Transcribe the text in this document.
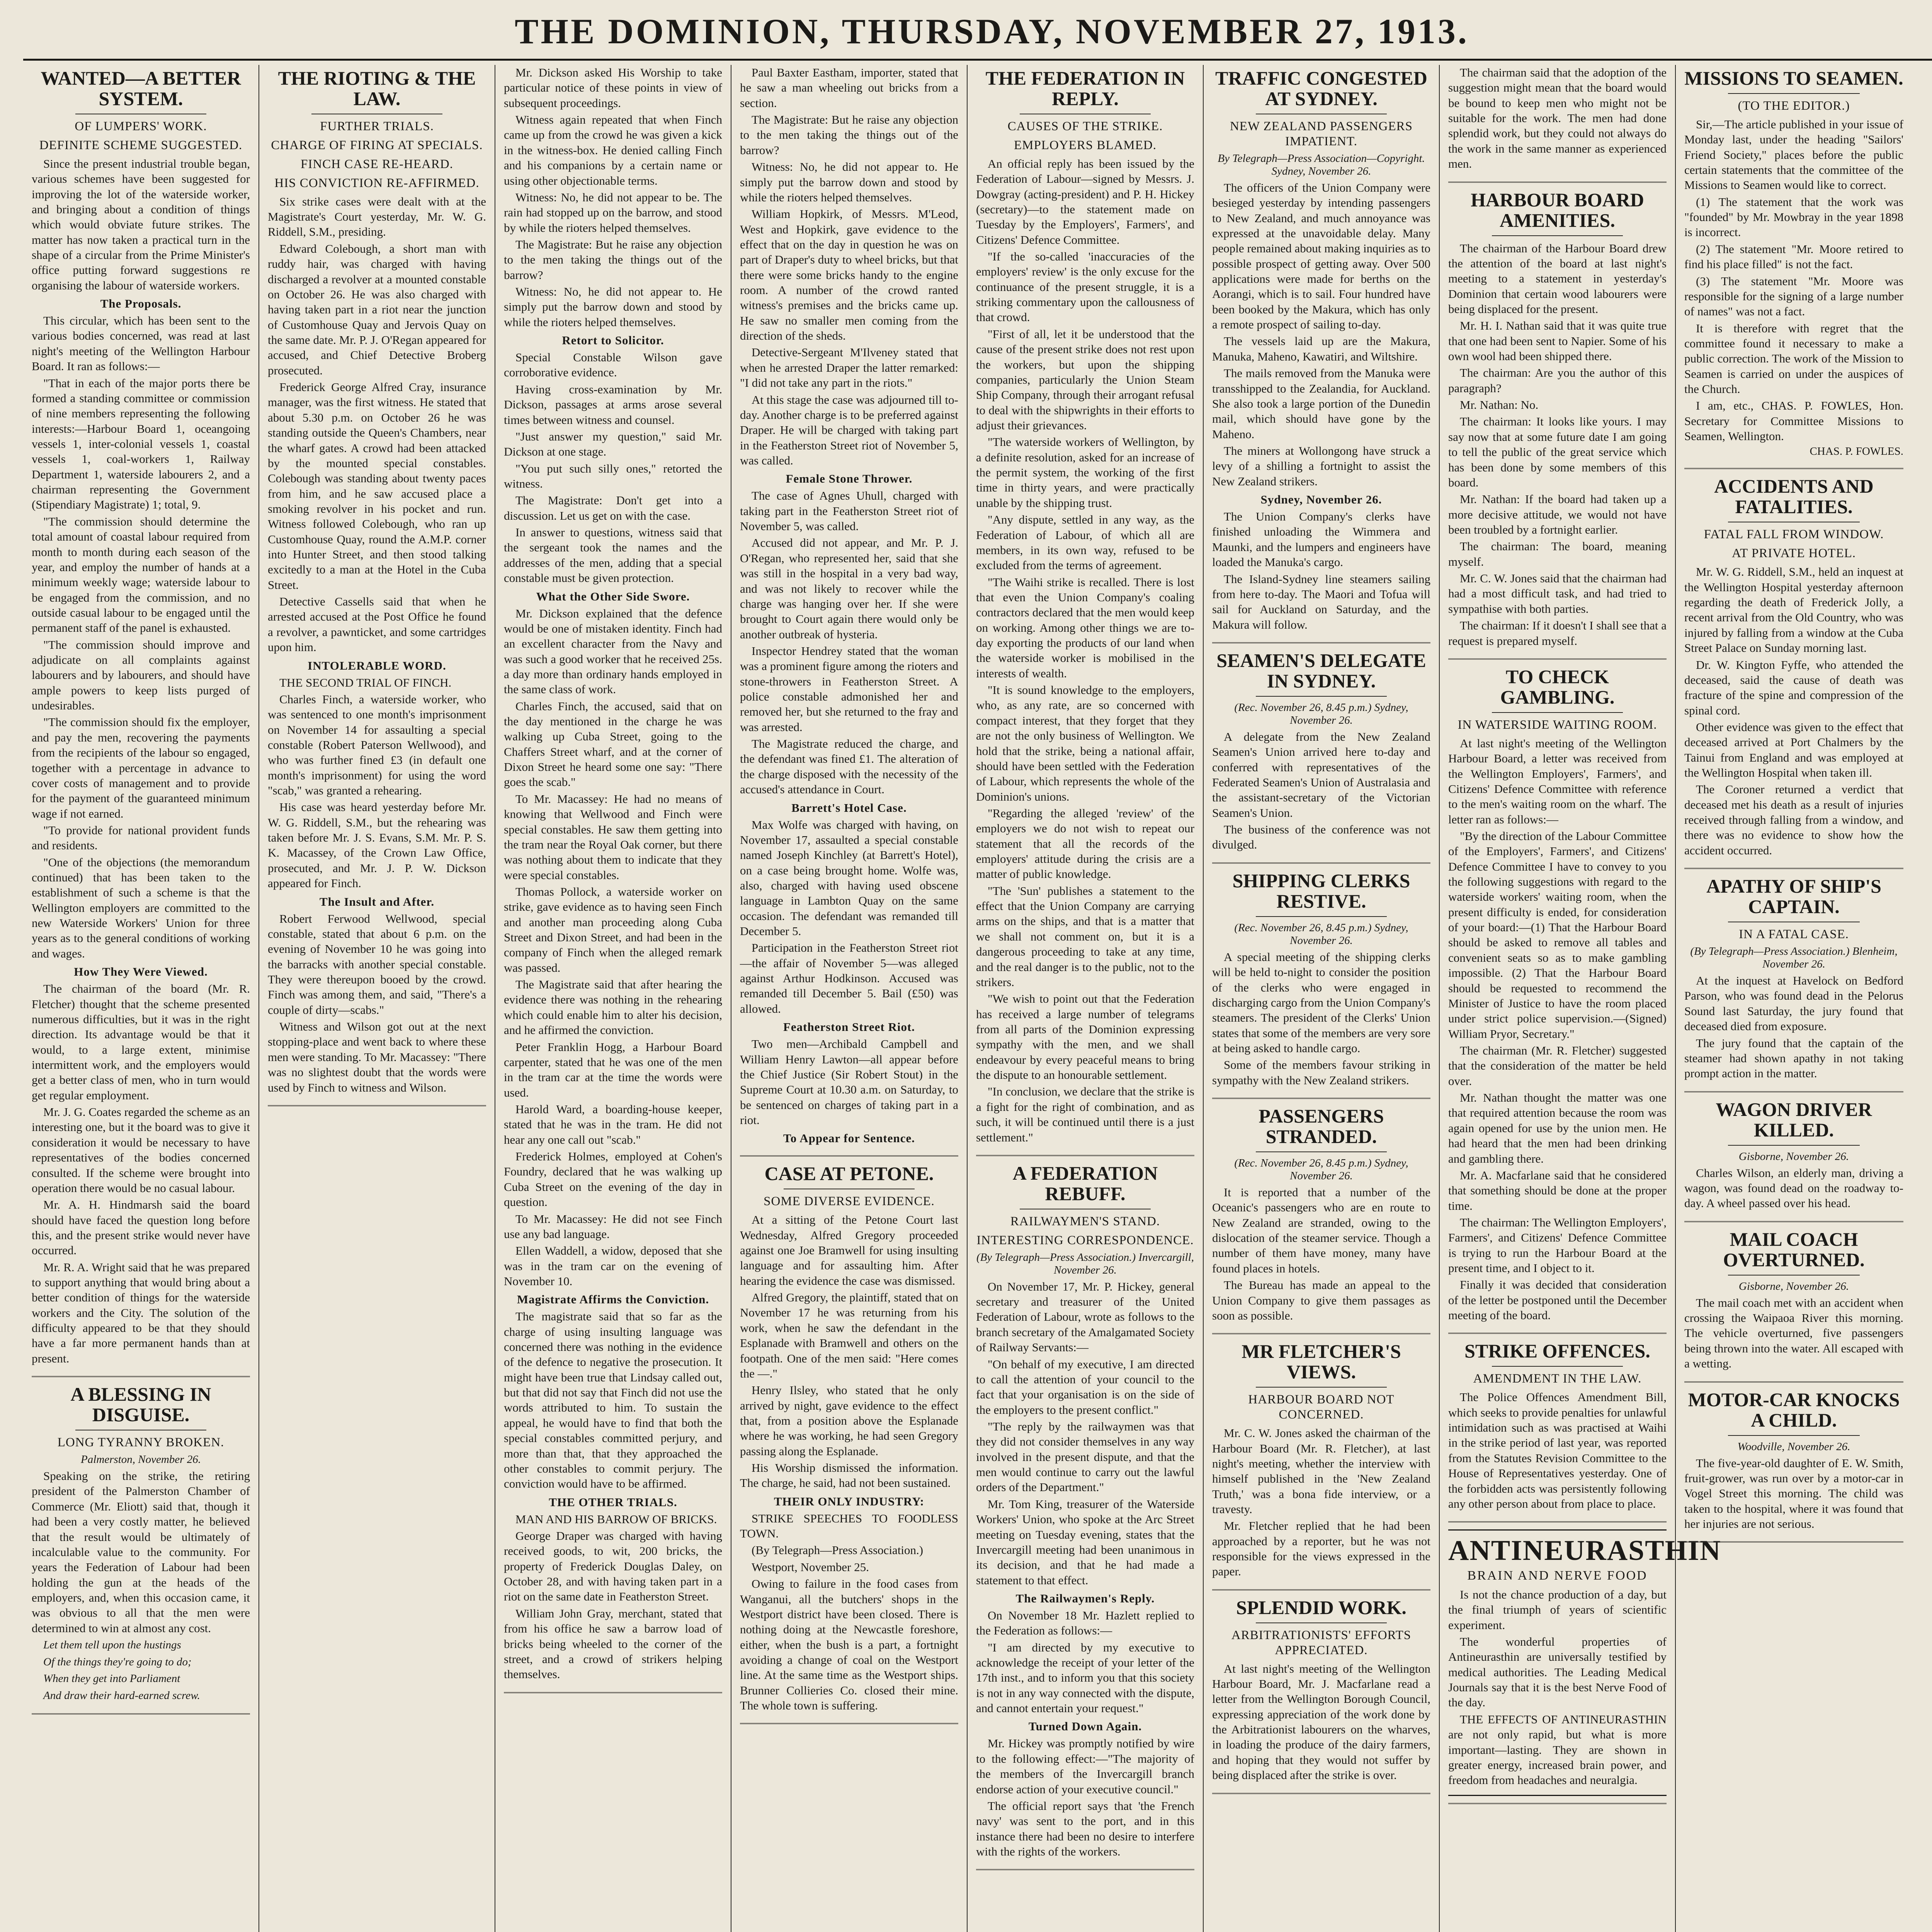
THE DOMINION, THURSDAY, NOVEMBER 27, 1913.
WANTED—A BETTER SYSTEM.
OF LUMPERS' WORK.
DEFINITE SCHEME SUGGESTED.

Since the present industrial trouble began, various schemes have been suggested for improving the lot of the waterside worker, and bringing about a condition of things which would obviate future strikes. The matter has now taken a practical turn in the shape of a circular from the Prime Minister's office putting forward suggestions re organising the labour of waterside workers.

The Proposals.

This circular, which has been sent to the various bodies concerned, was read at last night's meeting of the Wellington Harbour Board. It ran as follows:—

"That in each of the major ports there be formed a standing committee or commission of nine members representing the following interests:—Harbour Board 1, oceangoing vessels 1, inter-colonial vessels 1, coastal vessels 1, coal-workers 1, Railway Department 1, waterside labourers 2, and a chairman representing the Government (Stipendiary Magistrate) 1; total, 9.

"The commission should determine the total amount of coastal labour required from month to month during each season of the year, and employ the number of hands at a minimum weekly wage; waterside labour to be engaged from the commission, and no outside casual labour to be engaged until the permanent staff of the panel is exhausted.

"The commission should improve and adjudicate on all complaints against labourers and by labourers, and should have ample powers to keep lists purged of undesirables.

"The commission should fix the employer, and pay the men, recovering the payments from the recipients of the labour so engaged, together with a percentage in advance to cover costs of management and to provide for the payment of the guaranteed minimum wage if not earned.

"To provide for national provident funds and residents.

"One of the objections (the memorandum continued) that has been taken to the establishment of such a scheme is that the Wellington employers are committed to the new Waterside Workers' Union for three years as to the general conditions of working and wages.

How They Were Viewed.

The chairman of the board (Mr. R. Fletcher) thought that the scheme presented numerous difficulties, but it was in the right direction. Its advantage would be that it would, to a large extent, minimise intermittent work, and the employers would get a better class of men, who in turn would get regular employment.

Mr. J. G. Coates regarded the scheme as an interesting one, but it the board was to give it consideration it would be necessary to have representatives of the bodies concerned consulted. If the scheme were brought into operation there would be no casual labour.

Mr. A. H. Hindmarsh said the board should have faced the question long before this, and the present strike would never have occurred.

Mr. R. A. Wright said that he was prepared to support anything that would bring about a better condition of things for the waterside workers and the City. The solution of the difficulty appeared to be that they should have a far more permanent hands than at present.

A BLESSING IN DISGUISE.
LONG TYRANNY BROKEN.
Palmerston, November 26.

Speaking on the strike, the retiring president of the Palmerston Chamber of Commerce (Mr. Eliott) said that, though it had been a very costly matter, he believed that the result would be ultimately of incalculable value to the community. For years the Federation of Labour had been holding the gun at the heads of the employers, and, when this occasion came, it was obvious to all that the men were determined to win at almost any cost.

Let them tell upon the hustings
Of the things they're going to do;
When they get into Parliament
And draw their hard-earned screw.
THE RIOTING & THE LAW.
FURTHER TRIALS.
CHARGE OF FIRING AT SPECIALS.
FINCH CASE RE-HEARD.
HIS CONVICTION RE-AFFIRMED.

Six strike cases were dealt with at the Magistrate's Court yesterday, Mr. W. G. Riddell, S.M., presiding.

Edward Colebough, a short man with ruddy hair, was charged with having discharged a revolver at a mounted constable on October 26. He was also charged with having taken part in a riot near the junction of Customhouse Quay and Jervois Quay on the same date. Mr. P. J. O'Regan appeared for accused, and Chief Detective Broberg prosecuted.

Frederick George Alfred Cray, insurance manager, was the first witness. He stated that about 5.30 p.m. on October 26 he was standing outside the Queen's Chambers, near the wharf gates. A crowd had been attacked by the mounted special constables. Colebough was standing about twenty paces from him, and he saw accused place a smoking revolver in his pocket and run. Witness followed Colebough, who ran up Customhouse Quay, round the A.M.P. corner into Hunter Street, and then stood talking excitedly to a man at the Hotel in the Cuba Street.

Detective Cassells said that when he arrested accused at the Post Office he found a revolver, a pawnticket, and some cartridges upon him.

INTOLERABLE WORD.

THE SECOND TRIAL OF FINCH.

Charles Finch, a waterside worker, who was sentenced to one month's imprisonment on November 14 for assaulting a special constable (Robert Paterson Wellwood), and who was further fined £3 (in default one month's imprisonment) for using the word "scab," was granted a rehearing.

His case was heard yesterday before Mr. W. G. Riddell, S.M., but the rehearing was taken before Mr. J. S. Evans, S.M. Mr. P. S. K. Macassey, of the Crown Law Office, prosecuted, and Mr. J. P. W. Dickson appeared for Finch.

The Insult and After.

Robert Ferwood Wellwood, special constable, stated that about 6 p.m. on the evening of November 10 he was going into the barracks with another special constable. They were thereupon booed by the crowd. Finch was among them, and said, "There's a couple of dirty—scabs."

Witness and Wilson got out at the next stopping-place and went back to where these men were standing. To Mr. Macassey: "There was no slightest doubt that the words were used by Finch to witness and Wilson.

Mr. Dickson asked His Worship to take particular notice of these points in view of subsequent proceedings.

Witness again repeated that when Finch came up from the crowd he was given a kick in the witness-box. He denied calling Finch and his companions by a certain name or using other objectionable terms.

Witness: No, he did not appear to be. The rain had stopped up on the barrow, and stood by while the rioters helped themselves.

The Magistrate: But he raise any objection to the men taking the things out of the barrow?

Witness: No, he did not appear to. He simply put the barrow down and stood by while the rioters helped themselves.

Retort to Solicitor.

Special Constable Wilson gave corroborative evidence.

Having cross-examination by Mr. Dickson, passages at arms arose several times between witness and counsel.

"Just answer my question," said Mr. Dickson at one stage.

"You put such silly ones," retorted the witness.

The Magistrate: Don't get into a discussion. Let us get on with the case.

In answer to questions, witness said that the sergeant took the names and the addresses of the men, adding that a special constable must be given protection.

What the Other Side Swore.

Mr. Dickson explained that the defence would be one of mistaken identity. Finch had an excellent character from the Navy and was such a good worker that he received 25s. a day more than ordinary hands employed in the same class of work.

Charles Finch, the accused, said that on the day mentioned in the charge he was walking up Cuba Street, going to the Chaffers Street wharf, and at the corner of Dixon Street he heard some one say: "There goes the scab."

To Mr. Macassey: He had no means of knowing that Wellwood and Finch were special constables. He saw them getting into the tram near the Royal Oak corner, but there was nothing about them to indicate that they were special constables.

Thomas Pollock, a waterside worker on strike, gave evidence as to having seen Finch and another man proceeding along Cuba Street and Dixon Street, and had been in the company of Finch when the alleged remark was passed.

The Magistrate said that after hearing the evidence there was nothing in the rehearing which could enable him to alter his decision, and he affirmed the conviction.

Peter Franklin Hogg, a Harbour Board carpenter, stated that he was one of the men in the tram car at the time the words were used.

Harold Ward, a boarding-house keeper, stated that he was in the tram. He did not hear any one call out "scab."

Frederick Holmes, employed at Cohen's Foundry, declared that he was walking up Cuba Street on the evening of the day in question.

To Mr. Macassey: He did not see Finch use any bad language.

Ellen Waddell, a widow, deposed that she was in the tram car on the evening of November 10.

Magistrate Affirms the Conviction.

The magistrate said that so far as the charge of using insulting language was concerned there was nothing in the evidence of the defence to negative the prosecution. It might have been true that Lindsay called out, but that did not say that Finch did not use the words attributed to him. To sustain the appeal, he would have to find that both the special constables committed perjury, and more than that, that they approached the other constables to commit perjury. The conviction would have to be affirmed.

THE OTHER TRIALS.

MAN AND HIS BARROW OF BRICKS.

George Draper was charged with having received goods, to wit, 200 bricks, the property of Frederick Douglas Daley, on October 28, and with having taken part in a riot on the same date in Featherston Street.

William John Gray, merchant, stated that from his office he saw a barrow load of bricks being wheeled to the corner of the street, and a crowd of strikers helping themselves.

Paul Baxter Eastham, importer, stated that he saw a man wheeling out bricks from a section.

The Magistrate: But he raise any objection to the men taking the things out of the barrow?

Witness: No, he did not appear to. He simply put the barrow down and stood by while the rioters helped themselves.

William Hopkirk, of Messrs. M'Leod, West and Hopkirk, gave evidence to the effect that on the day in question he was on part of Draper's duty to wheel bricks, but that there were some bricks handy to the engine room. A number of the crowd ranted witness's premises and the bricks came up. He saw no smaller men coming from the direction of the sheds.

Detective-Sergeant M'Ilveney stated that when he arrested Draper the latter remarked: "I did not take any part in the riots."

At this stage the case was adjourned till to-day. Another charge is to be preferred against Draper. He will be charged with taking part in the Featherston Street riot of November 5, was called.

Female Stone Thrower.

The case of Agnes Uhull, charged with taking part in the Featherston Street riot of November 5, was called.

Accused did not appear, and Mr. P. J. O'Regan, who represented her, said that she was still in the hospital in a very bad way, and was not likely to recover while the charge was hanging over her. If she were brought to Court again there would only be another outbreak of hysteria.

Inspector Hendrey stated that the woman was a prominent figure among the rioters and stone-throwers in Featherston Street. A police constable admonished her and removed her, but she returned to the fray and was arrested.

The Magistrate reduced the charge, and the defendant was fined £1. The alteration of the charge disposed with the necessity of the accused's attendance in Court.

Barrett's Hotel Case.

Max Wolfe was charged with having, on November 17, assaulted a special constable named Joseph Kinchley (at Barrett's Hotel), on a case being brought home. Wolfe was, also, charged with having used obscene language in Lambton Quay on the same occasion. The defendant was remanded till December 5.

Participation in the Featherston Street riot—the affair of November 5—was alleged against Arthur Hodkinson. Accused was remanded till December 5. Bail (£50) was allowed.

Featherston Street Riot.

Two men—Archibald Campbell and William Henry Lawton—all appear before the Chief Justice (Sir Robert Stout) in the Supreme Court at 10.30 a.m. on Saturday, to be sentenced on charges of taking part in a riot.

To Appear for Sentence.
CASE AT PETONE.
SOME DIVERSE EVIDENCE.

At a sitting of the Petone Court last Wednesday, Alfred Gregory proceeded against one Joe Bramwell for using insulting language and for assaulting him. After hearing the evidence the case was dismissed.

Alfred Gregory, the plaintiff, stated that on November 17 he was returning from his work, when he saw the defendant in the Esplanade with Bramwell and others on the footpath. One of the men said: "Here comes the —."

Henry Ilsley, who stated that he only arrived by night, gave evidence to the effect that, from a position above the Esplanade where he was working, he had seen Gregory passing along the Esplanade.

His Worship dismissed the information. The charge, he said, had not been sustained.

THEIR ONLY INDUSTRY:

STRIKE SPEECHES TO FOODLESS TOWN.

(By Telegraph—Press Association.)

Westport, November 25.

Owing to failure in the food cases from Wanganui, all the butchers' shops in the Westport district have been closed. There is nothing doing at the Newcastle foreshore, either, when the bush is a part, a fortnight avoiding a change of coal on the Westport line. At the same time as the Westport ships. Brunner Collieries Co. closed their mine. The whole town is suffering.

THE FEDERATION IN REPLY.
CAUSES OF THE STRIKE.
EMPLOYERS BLAMED.

An official reply has been issued by the Federation of Labour—signed by Messrs. J. Dowgray (acting-president) and P. H. Hickey (secretary)—to the statement made on Tuesday by the Employers', Farmers', and Citizens' Defence Committee.

"If the so-called 'inaccuracies of the employers' review' is the only excuse for the continuance of the present struggle, it is a striking commentary upon the callousness of that crowd.

"First of all, let it be understood that the cause of the present strike does not rest upon the workers, but upon the shipping companies, particularly the Union Steam Ship Company, through their arrogant refusal to deal with the shipwrights in their efforts to adjust their grievances.

"The waterside workers of Wellington, by a definite resolution, asked for an increase of the permit system, the working of the first time in thirty years, and were practically unable by the shipping trust.

"Any dispute, settled in any way, as the Federation of Labour, of which all are members, in its own way, refused to be excluded from the terms of agreement.

"The Waihi strike is recalled. There is lost that even the Union Company's coaling contractors declared that the men would keep on working. Among other things we are to-day exporting the products of our land when the waterside worker is mobilised in the interests of wealth.

"It is sound knowledge to the employers, who, as any rate, are so concerned with compact interest, that they forget that they are not the only business of Wellington. We hold that the strike, being a national affair, should have been settled with the Federation of Labour, which represents the whole of the Dominion's unions.

"Regarding the alleged 'review' of the employers we do not wish to repeat our statement that all the records of the employers' attitude during the crisis are a matter of public knowledge.

"The 'Sun' publishes a statement to the effect that the Union Company are carrying arms on the ships, and that is a matter that we shall not comment on, but it is a dangerous proceeding to take at any time, and the real danger is to the public, not to the strikers.

"We wish to point out that the Federation has received a large number of telegrams from all parts of the Dominion expressing sympathy with the men, and we shall endeavour by every peaceful means to bring the dispute to an honourable settlement.

"In conclusion, we declare that the strike is a fight for the right of combination, and as such, it will be continued until there is a just settlement."

A FEDERATION REBUFF.
RAILWAYMEN'S STAND.
INTERESTING CORRESPONDENCE.
(By Telegraph—Press Association.) Invercargill, November 26.

On November 17, Mr. P. Hickey, general secretary and treasurer of the United Federation of Labour, wrote as follows to the branch secretary of the Amalgamated Society of Railway Servants:—

"On behalf of my executive, I am directed to call the attention of your council to the fact that your organisation is on the side of the employers to the present conflict."

"The reply by the railwaymen was that they did not consider themselves in any way involved in the present dispute, and that the men would continue to carry out the lawful orders of the Department."

Mr. Tom King, treasurer of the Waterside Workers' Union, who spoke at the Arc Street meeting on Tuesday evening, states that the Invercargill meeting had been unanimous in its decision, and that he had made a statement to that effect.

The Railwaymen's Reply.

On November 18 Mr. Hazlett replied to the Federation as follows:—

"I am directed by my executive to acknowledge the receipt of your letter of the 17th inst., and to inform you that this society is not in any way connected with the dispute, and cannot entertain your request."

Turned Down Again.

Mr. Hickey was promptly notified by wire to the following effect:—"The majority of the members of the Invercargill branch endorse action of your executive council."

The official report says that 'the French navy' was sent to the port, and in this instance there had been no desire to interfere with the rights of the workers.

TRAFFIC CONGESTED AT SYDNEY.
NEW ZEALAND PASSENGERS IMPATIENT.
By Telegraph—Press Association—Copyright. Sydney, November 26.

The officers of the Union Company were besieged yesterday by intending passengers to New Zealand, and much annoyance was expressed at the unavoidable delay. Many people remained about making inquiries as to possible prospect of getting away. Over 500 applications were made for berths on the Aorangi, which is to sail. Four hundred have been booked by the Makura, which has only a remote prospect of sailing to-day.

The vessels laid up are the Makura, Manuka, Maheno, Kawatiri, and Wiltshire.

The mails removed from the Manuka were transshipped to the Zealandia, for Auckland. She also took a large portion of the Dunedin mail, which should have gone by the Maheno.

The miners at Wollongong have struck a levy of a shilling a fortnight to assist the New Zealand strikers.

Sydney, November 26.

The Union Company's clerks have finished unloading the Wimmera and Maunki, and the lumpers and engineers have loaded the Manuka's cargo.

The Island-Sydney line steamers sailing from here to-day. The Maori and Tofua will sail for Auckland on Saturday, and the Makura will follow.

SEAMEN'S DELEGATE IN SYDNEY.
(Rec. November 26, 8.45 p.m.) Sydney, November 26.

A delegate from the New Zealand Seamen's Union arrived here to-day and conferred with representatives of the Federated Seamen's Union of Australasia and the assistant-secretary of the Victorian Seamen's Union.

The business of the conference was not divulged.

SHIPPING CLERKS RESTIVE.
(Rec. November 26, 8.45 p.m.) Sydney, November 26.

A special meeting of the shipping clerks will be held to-night to consider the position of the clerks who were engaged in discharging cargo from the Union Company's steamers. The president of the Clerks' Union states that some of the members are very sore at being asked to handle cargo.

Some of the members favour striking in sympathy with the New Zealand strikers.

PASSENGERS STRANDED.
(Rec. November 26, 8.45 p.m.) Sydney, November 26.

It is reported that a number of the Oceanic's passengers who are en route to New Zealand are stranded, owing to the dislocation of the steamer service. Though a number of them have money, many have found places in hotels.

The Bureau has made an appeal to the Union Company to give them passages as soon as possible.

MR FLETCHER'S VIEWS.
HARBOUR BOARD NOT CONCERNED.

Mr. C. W. Jones asked the chairman of the Harbour Board (Mr. R. Fletcher), at last night's meeting, whether the interview with himself published in the 'New Zealand Truth,' was a bona fide interview, or a travesty.

Mr. Fletcher replied that he had been approached by a reporter, but he was not responsible for the views expressed in the paper.

SPLENDID WORK.
ARBITRATIONISTS' EFFORTS APPRECIATED.

At last night's meeting of the Wellington Harbour Board, Mr. J. Macfarlane read a letter from the Wellington Borough Council, expressing appreciation of the work done by the Arbitrationist labourers on the wharves, in loading the produce of the dairy farmers, and hoping that they would not suffer by being displaced after the strike is over.

The chairman said that the adoption of the suggestion might mean that the board would be bound to keep men who might not be suitable for the work. The men had done splendid work, but they could not always do the work in the same manner as experienced men.

HARBOUR BOARD AMENITIES.

The chairman of the Harbour Board drew the attention of the board at last night's meeting to a statement in yesterday's Dominion that certain wood labourers were being displaced for the present.

Mr. H. I. Nathan said that it was quite true that one had been sent to Napier. Some of his own wool had been shipped there.

The chairman: Are you the author of this paragraph?

Mr. Nathan: No.

The chairman: It looks like yours. I may say now that at some future date I am going to tell the public of the great service which has been done by some members of this board.

Mr. Nathan: If the board had taken up a more decisive attitude, we would not have been troubled by a fortnight earlier.

The chairman: The board, meaning myself.

Mr. C. W. Jones said that the chairman had had a most difficult task, and had tried to sympathise with both parties.

The chairman: If it doesn't I shall see that a request is prepared myself.

TO CHECK GAMBLING.
IN WATERSIDE WAITING ROOM.

At last night's meeting of the Wellington Harbour Board, a letter was received from the Wellington Employers', Farmers', and Citizens' Defence Committee with reference to the men's waiting room on the wharf. The letter ran as follows:—

"By the direction of the Labour Committee of the Employers', Farmers', and Citizens' Defence Committee I have to convey to you the following suggestions with regard to the waterside workers' waiting room, when the present difficulty is ended, for consideration of your board:—(1) That the Harbour Board should be asked to remove all tables and convenient seats so as to make gambling impossible. (2) That the Harbour Board should be requested to recommend the Minister of Justice to have the room placed under strict police supervision.—(Signed) William Pryor, Secretary."

The chairman (Mr. R. Fletcher) suggested that the consideration of the matter be held over.

Mr. Nathan thought the matter was one that required attention because the room was again opened for use by the union men. He had heard that the men had been drinking and gambling there.

Mr. A. Macfarlane said that he considered that something should be done at the proper time.

The chairman: The Wellington Employers', Farmers', and Citizens' Defence Committee is trying to run the Harbour Board at the present time, and I object to it.

Finally it was decided that consideration of the letter be postponed until the December meeting of the board.

STRIKE OFFENCES.
AMENDMENT IN THE LAW.

The Police Offences Amendment Bill, which seeks to provide penalties for unlawful intimidation such as was practised at Waihi in the strike period of last year, was reported from the Statutes Revision Committee to the House of Representatives yesterday. One of the forbidden acts was persistently following any other person about from place to place.

ANTINEURASTHIN
BRAIN AND NERVE FOOD

Is not the chance production of a day, but the final triumph of years of scientific experiment.

The wonderful properties of Antineurasthin are universally testified by medical authorities. The Leading Medical Journals say that it is the best Nerve Food of the day.

THE EFFECTS OF ANTINEURASTHIN are not only rapid, but what is more important—lasting. They are shown in greater energy, increased brain power, and freedom from headaches and neuralgia.

MISSIONS TO SEAMEN.
(TO THE EDITOR.)

Sir,—The article published in your issue of Monday last, under the heading "Sailors' Friend Society," places before the public certain statements that the committee of the Missions to Seamen would like to correct.

(1) The statement that the work was "founded" by Mr. Mowbray in the year 1898 is incorrect.

(2) The statement "Mr. Moore retired to find his place filled" is not the fact.

(3) The statement "Mr. Moore was responsible for the signing of a large number of names" was not a fact.

It is therefore with regret that the committee found it necessary to make a public correction. The work of the Mission to Seamen is carried on under the auspices of the Church.

I am, etc., CHAS. P. FOWLES, Hon. Secretary for Committee Missions to Seamen, Wellington.

CHAS. P. FOWLES.
ACCIDENTS AND FATALITIES.
FATAL FALL FROM WINDOW.
AT PRIVATE HOTEL.

Mr. W. G. Riddell, S.M., held an inquest at the Wellington Hospital yesterday afternoon regarding the death of Frederick Jolly, a recent arrival from the Old Country, who was injured by falling from a window at the Cuba Street Palace on Sunday morning last.

Dr. W. Kington Fyffe, who attended the deceased, said the cause of death was fracture of the spine and compression of the spinal cord.

Other evidence was given to the effect that deceased arrived at Port Chalmers by the Tainui from England and was employed at the Wellington Hospital when taken ill.

The Coroner returned a verdict that deceased met his death as a result of injuries received through falling from a window, and there was no evidence to show how the accident occurred.

APATHY OF SHIP'S CAPTAIN.
IN A FATAL CASE.
(By Telegraph—Press Association.) Blenheim, November 26.

At the inquest at Havelock on Bedford Parson, who was found dead in the Pelorus Sound last Saturday, the jury found that deceased died from exposure.

The jury found that the captain of the steamer had shown apathy in not taking prompt action in the matter.

WAGON DRIVER KILLED.
Gisborne, November 26.

Charles Wilson, an elderly man, driving a wagon, was found dead on the roadway to-day. A wheel passed over his head.

MAIL COACH OVERTURNED.
Gisborne, November 26.

The mail coach met with an accident when crossing the Waipaoa River this morning. The vehicle overturned, five passengers being thrown into the water. All escaped with a wetting.

MOTOR-CAR KNOCKS A CHILD.
Woodville, November 26.

The five-year-old daughter of E. W. Smith, fruit-grower, was run over by a motor-car in Vogel Street this morning. The child was taken to the hospital, where it was found that her injuries are not serious.
